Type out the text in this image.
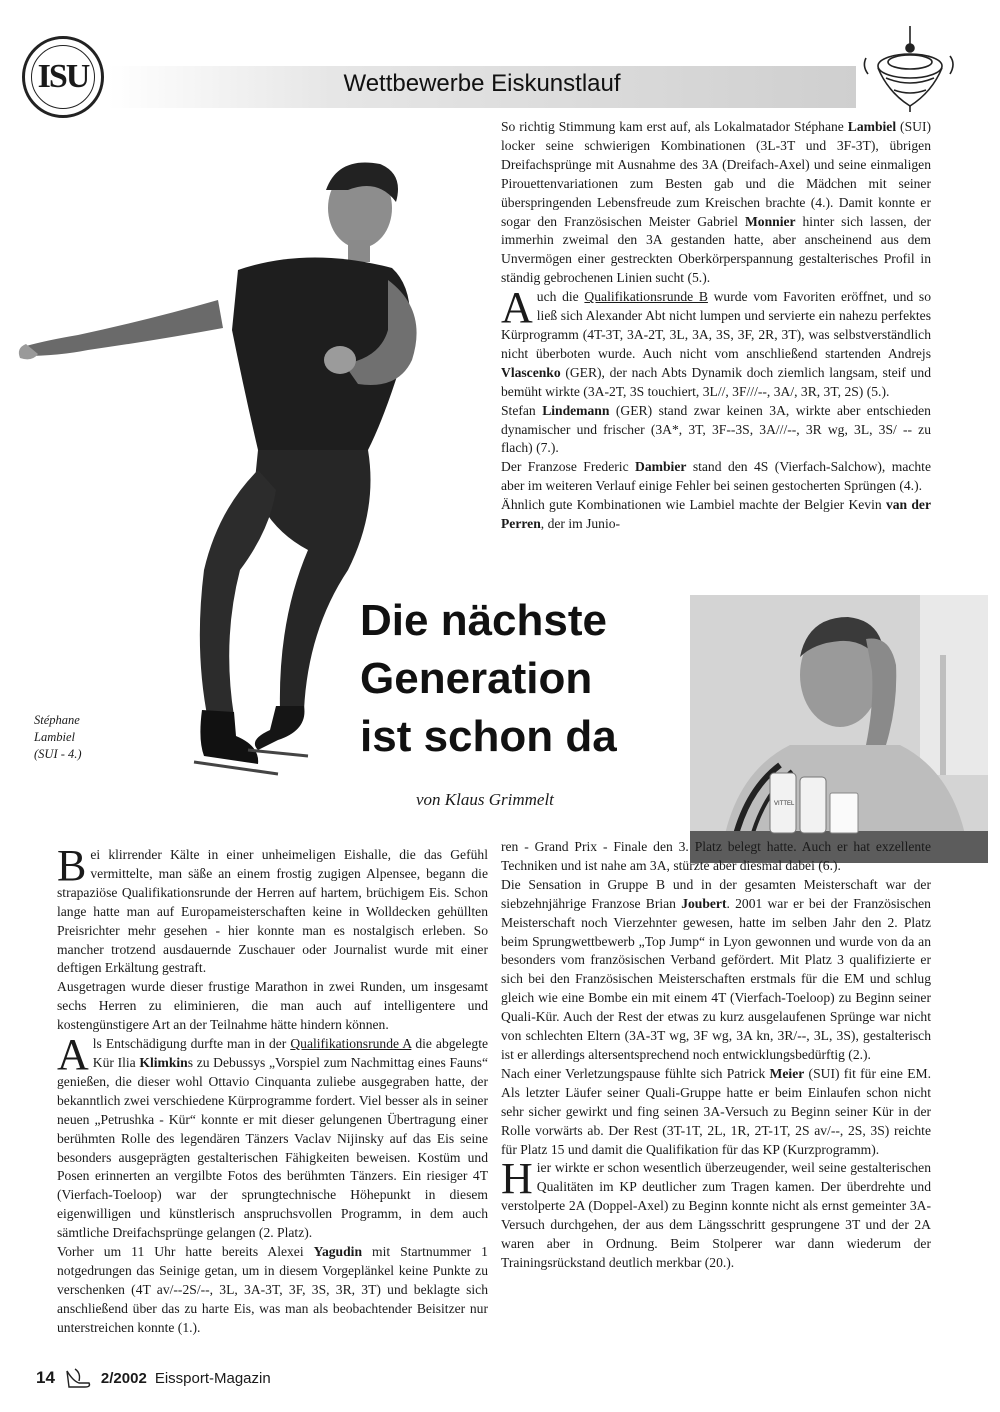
ISU	Wettbewerbe Eiskunstlauf
Stéphane
Lambiel
(SUI - 4.)
VITTEL
Die nächste
Generation
ist schon da
von Klaus Grimmelt

So richtig Stimmung kam erst auf, als Lokalmatador Stéphane Lambiel (SUI) locker seine schwierigen Kombinationen (3L-3T und 3F-3T), übrigen Dreifachsprünge mit Ausnahme des 3A (Dreifach-Axel) und seine einmaligen Pirouettenvariationen zum Besten gab und die Mädchen mit seiner überspringenden Lebensfreude zum Kreischen brachte (4.). Damit konnte er sogar den Französischen Meister Gabriel Monnier hinter sich lassen, der immerhin zweimal den 3A gestanden hatte, aber anscheinend aus dem Unvermögen einer gestreckten Oberkörperspannung gestalterisches Profil in ständig gebrochenen Linien sucht (5.).

Auch die Qualifikationsrunde B wurde vom Favoriten eröffnet, und so ließ sich Alexander Abt nicht lumpen und servierte ein nahezu perfektes Kürprogramm (4T-3T, 3A-2T, 3L, 3A, 3S, 3F, 2R, 3T), was selbstverständlich nicht überboten wurde. Auch nicht vom anschließend startenden Andrejs Vlascenko (GER), der nach Abts Dynamik doch ziemlich langsam, steif und bemüht wirkte (3A-2T, 3S touchiert, 3L//, 3F///--, 3A/, 3R, 3T, 2S) (5.).

Stefan Lindemann (GER) stand zwar keinen 3A, wirkte aber entschieden dynamischer und frischer (3A*, 3T, 3F--3S, 3A///--, 3R wg, 3L, 3S/ -- zu flach) (7.).

Der Franzose Frederic Dambier stand den 4S (Vierfach-Salchow), machte aber im weiteren Verlauf einige Fehler bei seinen gestocherten Sprüngen (4.).

Ähnlich gute Kombinationen wie Lambiel machte der Belgier Kevin van der Perren, der im Junio-

Bei klirrender Kälte in einer unheimeligen Eishalle, die das Gefühl vermittelte, man säße an einem frostig zugigen Alpensee, begann die strapaziöse Qualifikationsrunde der Herren auf hartem, brüchigem Eis. Schon lange hatte man auf Europameisterschaften keine in Wolldecken gehüllten Preisrichter mehr gesehen - hier konnte man es nostalgisch erleben. So mancher trotzend ausdauernde Zuschauer oder Journalist wurde mit einer deftigen Erkältung gestraft.

Ausgetragen wurde dieser frustige Marathon in zwei Runden, um insgesamt sechs Herren zu eliminieren, die man auch auf intelligentere und kostengünstigere Art an der Teilnahme hätte hindern können.

Als Entschädigung durfte man in der Qualifikationsrunde A die abgelegte Kür Ilia Klimkins zu Debussys „Vorspiel zum Nachmittag eines Fauns“ genießen, die dieser wohl Ottavio Cinquanta zuliebe ausgegraben hatte, der bekanntlich zwei verschiedene Kürprogramme fordert. Viel besser als in seiner neuen „Petrushka - Kür“ konnte er mit dieser gelungenen Übertragung einer berühmten Rolle des legendären Tänzers Vaclav Nijinsky auf das Eis seine besonders ausgeprägten gestalterischen Fähigkeiten beweisen. Kostüm und Posen erinnerten an vergilbte Fotos des berühmten Tänzers. Ein riesiger 4T (Vierfach-Toeloop) war der sprungtechnische Höhepunkt in diesem eigenwilligen und künstlerisch anspruchsvollen Programm, in dem auch sämtliche Dreifachsprünge gelangen (2. Platz).

Vorher um 11 Uhr hatte bereits Alexei Yagudin mit Startnummer 1 notgedrungen das Seinige getan, um in diesem Vorgeplänkel keine Punkte zu verschenken (4T av/--2S/--, 3L, 3A-3T, 3F, 3S, 3R, 3T) und beklagte sich anschließend über das zu harte Eis, was man als beobachtender Beisitzer nur unterstreichen konnte (1.).

ren - Grand Prix - Finale den 3. Platz belegt hatte. Auch er hat exzellente Techniken und ist nahe am 3A, stürzte aber diesmal dabei (6.).

Die Sensation in Gruppe B und in der gesamten Meisterschaft war der siebzehnjährige Franzose Brian Joubert. 2001 war er bei der Französischen Meisterschaft noch Vierzehnter gewesen, hatte im selben Jahr den 2. Platz beim Sprungwettbewerb „Top Jump“ in Lyon gewonnen und wurde von da an besonders vom französischen Verband gefördert. Mit Platz 3 qualifizierte er sich bei den Französischen Meisterschaften erstmals für die EM und schlug gleich wie eine Bombe ein mit einem 4T (Vierfach-Toeloop) zu Beginn seiner Quali-Kür. Auch der Rest der etwas zu kurz ausgelaufenen Sprünge war nicht von schlechten Eltern (3A-3T wg, 3F wg, 3A kn, 3R/--, 3L, 3S), gestalterisch ist er allerdings altersentsprechend noch entwicklungsbedürftig (2.).

Nach einer Verletzungspause fühlte sich Patrick Meier (SUI) fit für eine EM. Als letzter Läufer seiner Quali-Gruppe hatte er beim Einlaufen schon nicht sehr sicher gewirkt und fing seinen 3A-Versuch zu Beginn seiner Kür in der Rolle vorwärts ab. Der Rest (3T-1T, 2L, 1R, 2T-1T, 2S av/--, 2S, 3S) reichte für Platz 15 und damit die Qualifikation für das KP (Kurzprogramm).

Hier wirkte er schon wesentlich überzeugender, weil seine gestalterischen Qualitäten im KP deutlicher zum Tragen kamen. Der überdrehte und verstolperte 2A (Doppel-Axel) zu Beginn konnte nicht als ernst gemeinter 3A-Versuch durchgehen, der aus dem Längsschritt gesprungene 3T und der 2A waren aber in Ordnung. Beim Stolperer war dann wiederum der Trainingsrückstand deutlich merkbar (20.).

14	2/2002 Eissport-Magazin
